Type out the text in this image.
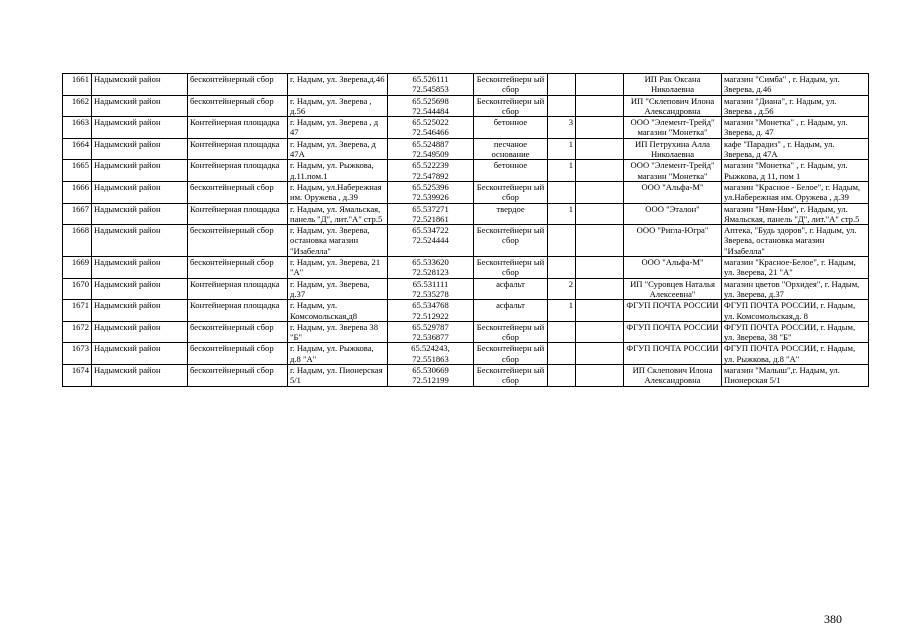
1661	Надымский район	бесконтейнерный сбор	г. Надым, ул. Зверева,д.46	65.526111
72.545853	Бесконтейнерн ый сбор			ИП Рак Оксана Николаевна	магазин "Симба" , г. Надым, ул. Зверева, д.46
1662	Надымский район	бесконтейнерный сбор	г. Надым, ул. Зверева , д.56	65.525698
72.544484	Бесконтейнерн ый сбор			ИП "Склепович Илона Александровна	магазин "Диана", г. Надым, ул. Зверева , д.56
1663	Надымский район	Контейнерная площадка	г. Надым, ул. Зверева , д 47	65.525022
72.546466	бетонное	3		ООО "Элемент-Трейд" магазин "Монетка"	магазин "Монетка" , г. Надым, ул. Зверева, д. 47
1664	Надымский район	Контейнерная площадка	г. Надым, ул. Зверева, д 47А	65.524887
72.549509	песчаное основание	1		ИП Петрухина Алла Николаевна	кафе "Парадиз" , г. Надым, ул. Зверева, д 47А
1665	Надымский район	Контейнерная площадка	г. Надым, ул. Рыжкова, д.11.пом.1	65.522239
72.547892	бетонное	1		ООО "Элемент-Трейд" магазин "Монетка"	магазин "Монетка" , г. Надым, ул. Рыжкова, д 11, пом 1
1666	Надымский район	бесконтейнерный сбор	г. Надым, ул.Набережная им. Оружева , д.39	65.525396
72.539926	Бесконтейнерн ый сбор			ООО "Альфа-М"	магазин "Красное - Белое", г. Надым, ул.Набережная им. Оружева , д.39
1667	Надымский район	Контейнерная площадка	г. Надым, ул. Ямальская, панель "Д", лит."А" стр.5	65.537271
72.521861	твердое	1		ООО "Эталон"	магазин "Ням-Ням", г. Надым, ул. Ямальская, панель "Д", лит."А" стр.5
1668	Надымский район	бесконтейнерный сбор	г. Надым, ул. Зверева, остановка магазин "Изабелла"	65.534722
72.524444	Бесконтейнерн ый сбор			ООО "Ригла-Югра"	Аптека, "Будь здоров", г. Надым, ул. Зверева, остановка магазин "Изабелла"
1669	Надымский район	бесконтейнерный сбор	г. Надым, ул. Зверева, 21 "А"	65.533620
72.528123	Бесконтейнерн ый сбор			ООО "Альфа-М"	магазин "Красное-Белое", г. Надым, ул. Зверева, 21 "А"
1670	Надымский район	Контейнерная площадка	г. Надым, ул. Зверева, д.37	65.531111
72.535278	асфальт	2		ИП "Суровцев Наталья Алексеевна"	магазин цветов "Орхидея", г. Надым, ул. Зверева, д.37
1671	Надымский район	Контейнерная площадка	г. Надым, ул. Комсомольская,д8	65.534768
72.512922	асфальт	1		ФГУП ПОЧТА РОССИИ	ФГУП ПОЧТА РОССИИ, г. Надым, ул. Комсомольская,д. 8
1672	Надымский район	бесконтейнерный сбор	г. Надым, ул. Зверева 38 "Б"	65.529787
72.536877	Бесконтейнерн ый сбор			ФГУП ПОЧТА РОССИИ	ФГУП ПОЧТА РОССИИ, г. Надым, ул. Зверева, 38 "Б"
1673	Надымский район	бесконтейнерный сбор	г. Надым, ул. Рыжкова, д.8 "А"	65.524243,
72.551863	Бесконтейнерн ый сбор			ФГУП ПОЧТА РОССИИ	ФГУП ПОЧТА РОССИИ, г. Надым, ул. Рыжкова, д.8 "А"
1674	Надымский район	бесконтейнерный сбор	г. Надым, ул. Пионерская 5/1	65.530669
72.512199	Бесконтейнерн ый сбор			ИП Склепович Илона Александровна	магазин "Малыш",г. Надым, ул. Пионерская 5/1
380
